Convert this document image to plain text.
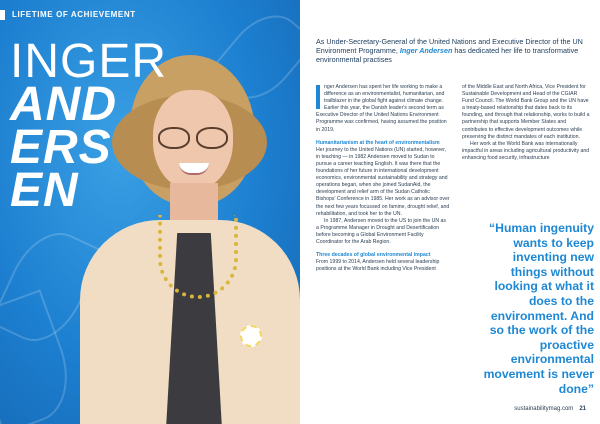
LIFETIME OF ACHIEVEMENT
INGER
AND
ERS
EN
As Under-Secretary-General of the United Nations and Executive Director of the UN Environment Programme, Inger Andersen has dedicated her life to transformative environmental practises

nger Andersen has spent her life working to make a difference as an environmentalist, humanitarian, and trailblazer in the global fight against climate change.

Earlier this year, the Danish leader's second term as Executive Director of the United Nations Environment Programme was confirmed, having assumed the position in 2019.

Humanitarianism at the heart of environmentalism

Her journey to the United Nations (UN) started, however, in teaching — in 1982 Andersen moved to Sudan to pursue a career teaching English. It was there that the foundations of her future in international development economics, environmental sustainability and strategy and operations began, when she joined SudanAid, the development and relief arm of the Sudan Catholic Bishops' Conference in 1985. Her work as an advisor over the next few years focussed on famine, drought relief, and rehabilitation, and took her to the UN.

In 1987, Andersen moved to the US to join the UN as a Programme Manager in Drought and Desertification before becoming a Global Environment Facility Coordinator for the Arab Region.

Three decades of global environmental impact

From 1999 to 2014, Andersen held several leadership positions at the World Bank including Vice President

of the Middle East and North Africa, Vice President for Sustainable Development and Head of the CGIAR Fund Council. The World Bank Group and the UN have a treaty-based relationship that dates back to its founding, and through that relationship, works to build a partnership that supports Member States and contributes to effective development outcomes while preserving the distinct mandates of each institution.

Her work at the World Bank was internationally impactful in areas including agricultural productivity and enhancing food security, infrastructure

“Human ingenuity wants to keep inventing new things without looking at what it does to the environment. And so the work of the proactive environmental movement is never done”
sustainabilitymag.com 21
